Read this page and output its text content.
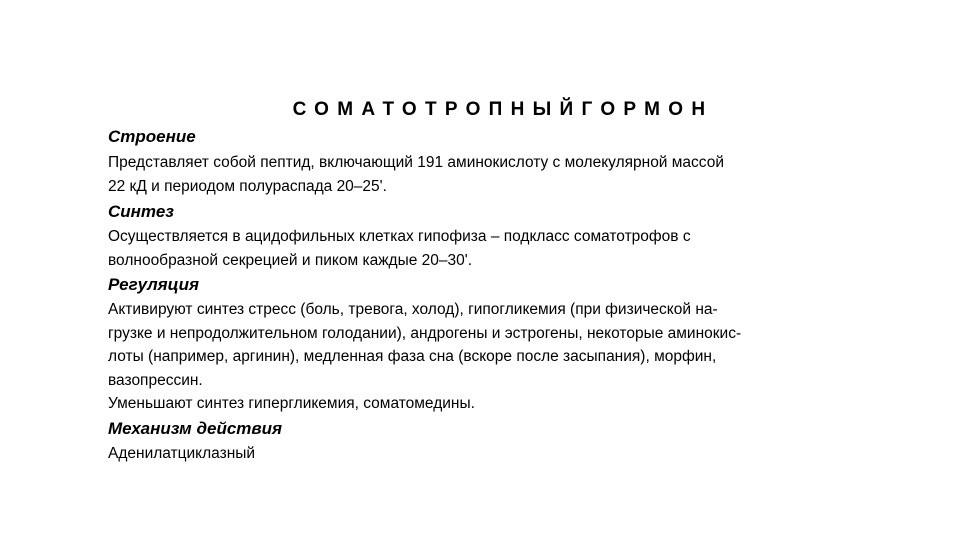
СОМАТОТРОПНЫЙГОРМОН

Строение

Представляет собой пептид, включающий 191 аминокислоту с молекулярной массой
22 кД и периодом полураспада 20–25'.

Синтез

Осуществляется в ацидофильных клетках гипофиза – подкласс соматотрофов с
волнообразной секрецией и пиком каждые 20–30'.

Регуляция

Активируют синтез стресс (боль, тревога, холод), гипогликемия (при физической на-
грузке и непродолжительном голодании), андрогены и эстрогены, некоторые аминокис-
лоты (например, аргинин), медленная фаза сна (вскоре после засыпания), морфин,
вазопрессин.
Уменьшают синтез гипергликемия, соматомедины.

Механизм действия

Аденилатциклазный
